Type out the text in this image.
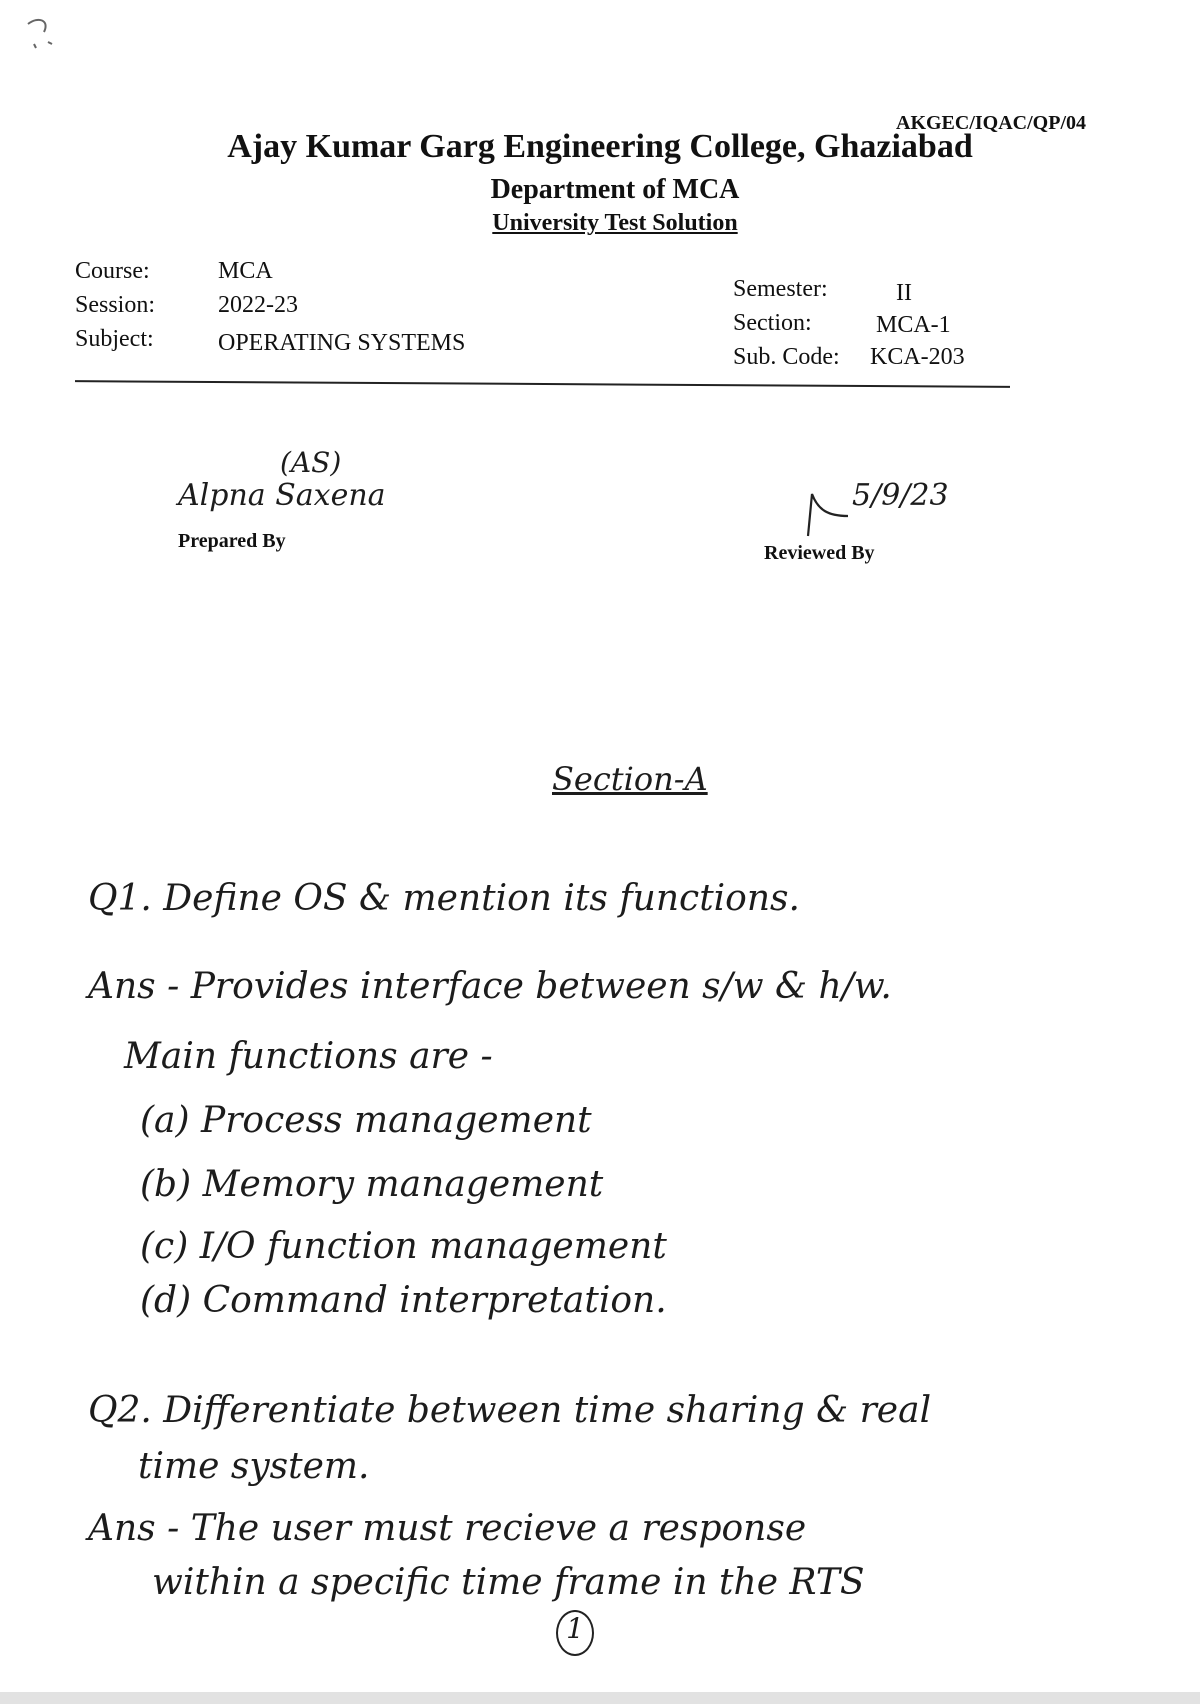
AKGEC/IQAC/QP/04
Ajay Kumar Garg Engineering College, Ghaziabad
Department of MCA
University Test Solution
Course:	MCA
Session:	2022-23
Subject:	OPERATING SYSTEMS
Semester:	II
Section:	MCA-1
Sub. Code: KCA-203
Alpna Saxena
(AS)
Prepared By
5/9/23
Reviewed By
Section-A
Q1. Define OS & mention its functions.
Ans - Provides interface between s/w & h/w.
Main functions are -
(a) Process management
(b) Memory management
(c) I/O function management
(d) Command interpretation.
Q2. Differentiate between time sharing & real
time system.
Ans - The user must recieve a response
within a specific time frame in the RTS
1
